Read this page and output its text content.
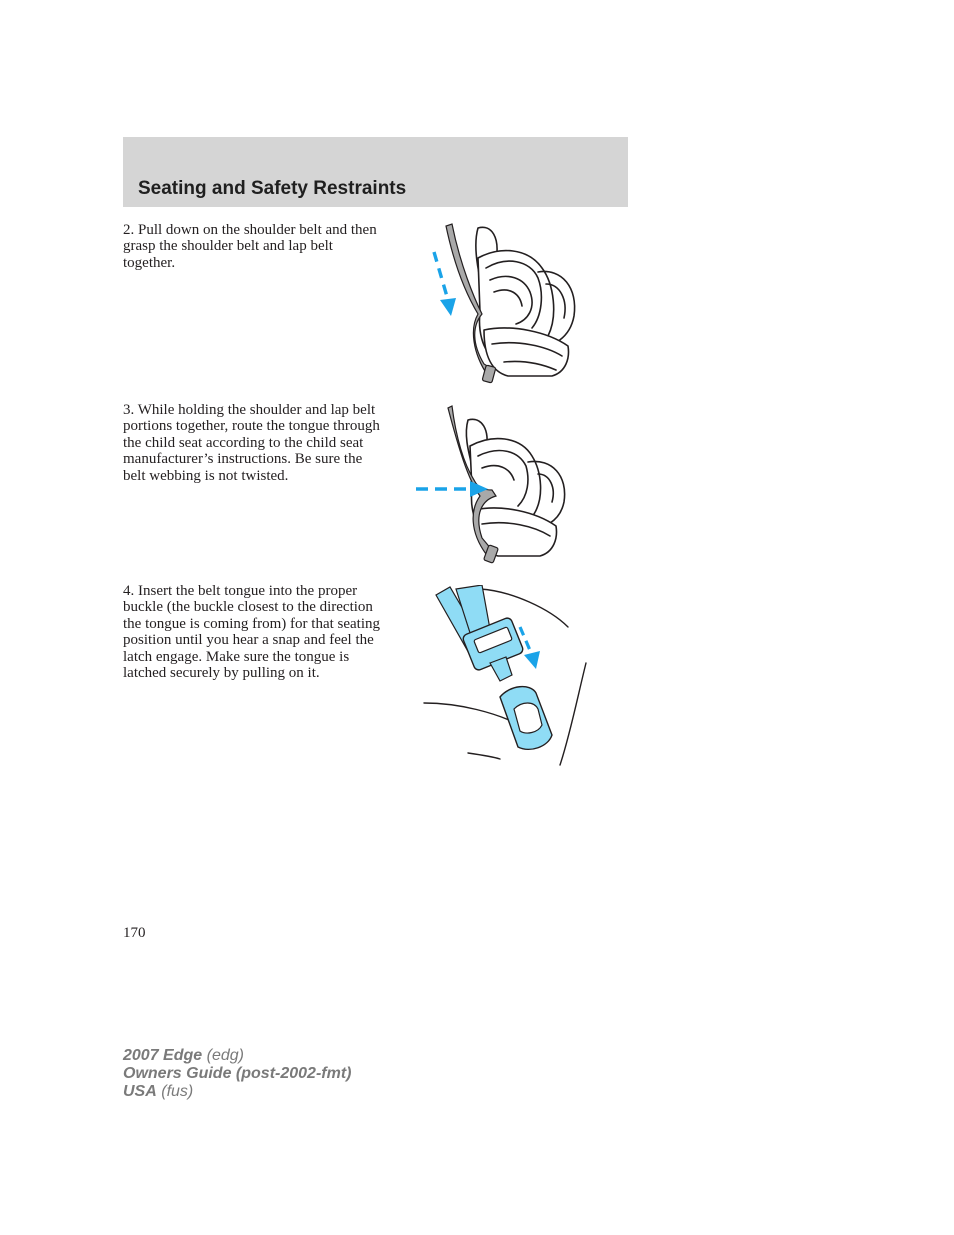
Seating and Safety Restraints

2. Pull down on the shoulder belt and then grasp the shoulder belt and lap belt together.

3. While holding the shoulder and lap belt portions together, route the tongue through the child seat according to the child seat manufacturer’s instructions. Be sure the belt webbing is not twisted.

4. Insert the belt tongue into the proper buckle (the buckle closest to the direction the tongue is coming from) for that seating position until you hear a snap and feel the latch engage. Make sure the tongue is latched securely by pulling on it.

170
2007 Edge (edg)
Owners Guide (post-2002-fmt)
USA (fus)
